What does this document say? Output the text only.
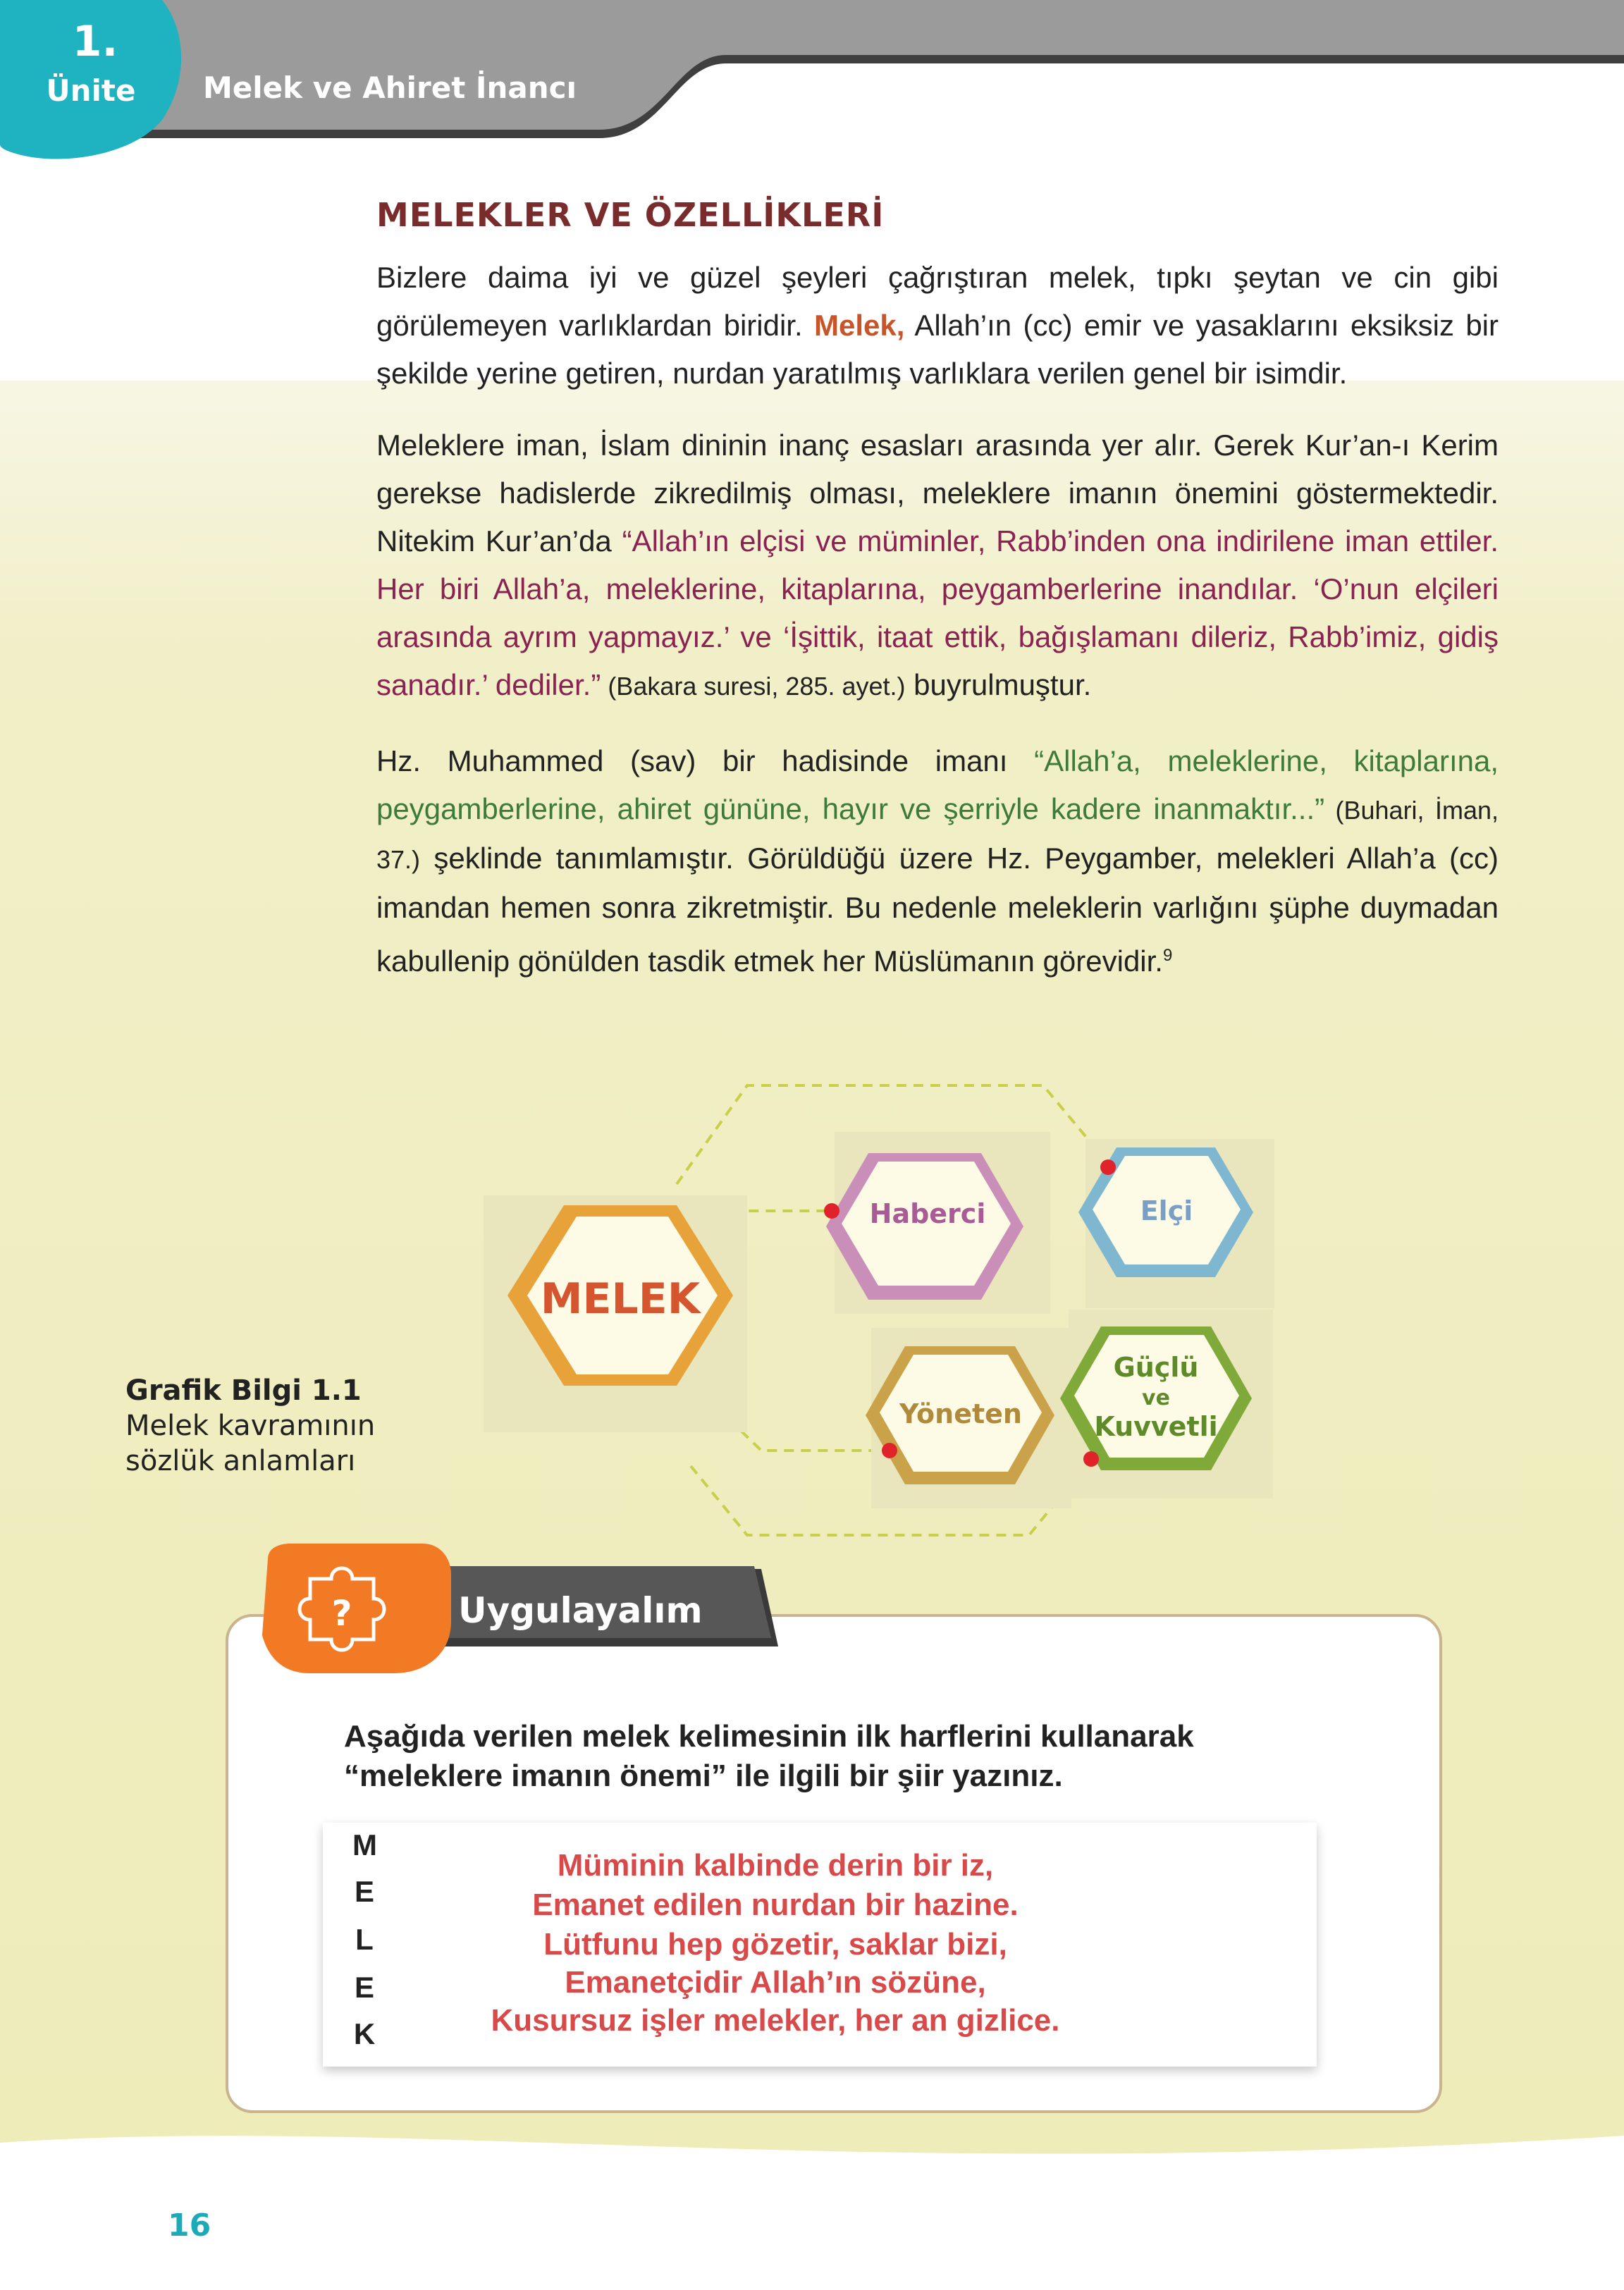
?
1.
Ünite	Melek ve Ahiret İnancı
MELEKLER VE ÖZELLİKLERİ

Bizlere daima iyi ve güzel şeyleri çağrıştıran melek, tıpkı şeytan ve cin gibi görülemeyen varlıklardan biridir. Melek, Allah’ın (cc) emir ve yasaklarını eksiksiz bir şekilde yerine getiren, nurdan yaratılmış varlıklara verilen genel bir isimdir.

Meleklere iman, İslam dininin inanç esasları arasında yer alır. Gerek Kur’an-ı Kerim gerekse hadislerde zikredilmiş olması, meleklere imanın önemini göstermektedir. Nitekim Kur’an’da “Allah’ın elçisi ve müminler, Rabb’inden ona indirilene iman ettiler. Her biri Allah’a, meleklerine, kitaplarına, peygamberlerine inandılar. ‘O’nun elçileri arasında ayrım yapmayız.’ ve ‘İşittik, itaat ettik, bağışlamanı dileriz, Rabb’imiz, gidiş sanadır.’ dediler.” (Bakara suresi, 285. ayet.) buyrulmuştur.

Hz. Muhammed (sav) bir hadisinde imanı “Allah’a, meleklerine, kitaplarına, peygamberlerine, ahiret gününe, hayır ve şerriyle kadere inanmaktır...” (Buhari, İman, 37.) şeklinde tanımlamıştır. Görüldüğü üzere Hz. Peygamber, melekleri Allah’a (cc) imandan hemen sonra zikretmiştir. Bu nedenle meleklerin varlığını şüphe duymadan kabullenip gönülden tasdik etmek her Müslümanın görevidir.$^9$

Grafik Bilgi 1.1
Melek kavramının
sözlük anlamları
MELEK
Haberci	Elçi
Yöneten
Güçlü
ve
Kuvvetli
Uygulayalım

Aşağıda verilen melek kelimesinin ilk harflerini kullanarak
“meleklere imanın önemi” ile ilgili bir şiir yazınız.

M
E
L
E
K
Müminin kalbinde derin bir iz,
Emanet edilen nurdan bir hazine.
Lütfunu hep gözetir, saklar bizi,
Emanetçidir Allah’ın sözüne,
Kusursuz işler melekler, her an gizlice.
16
